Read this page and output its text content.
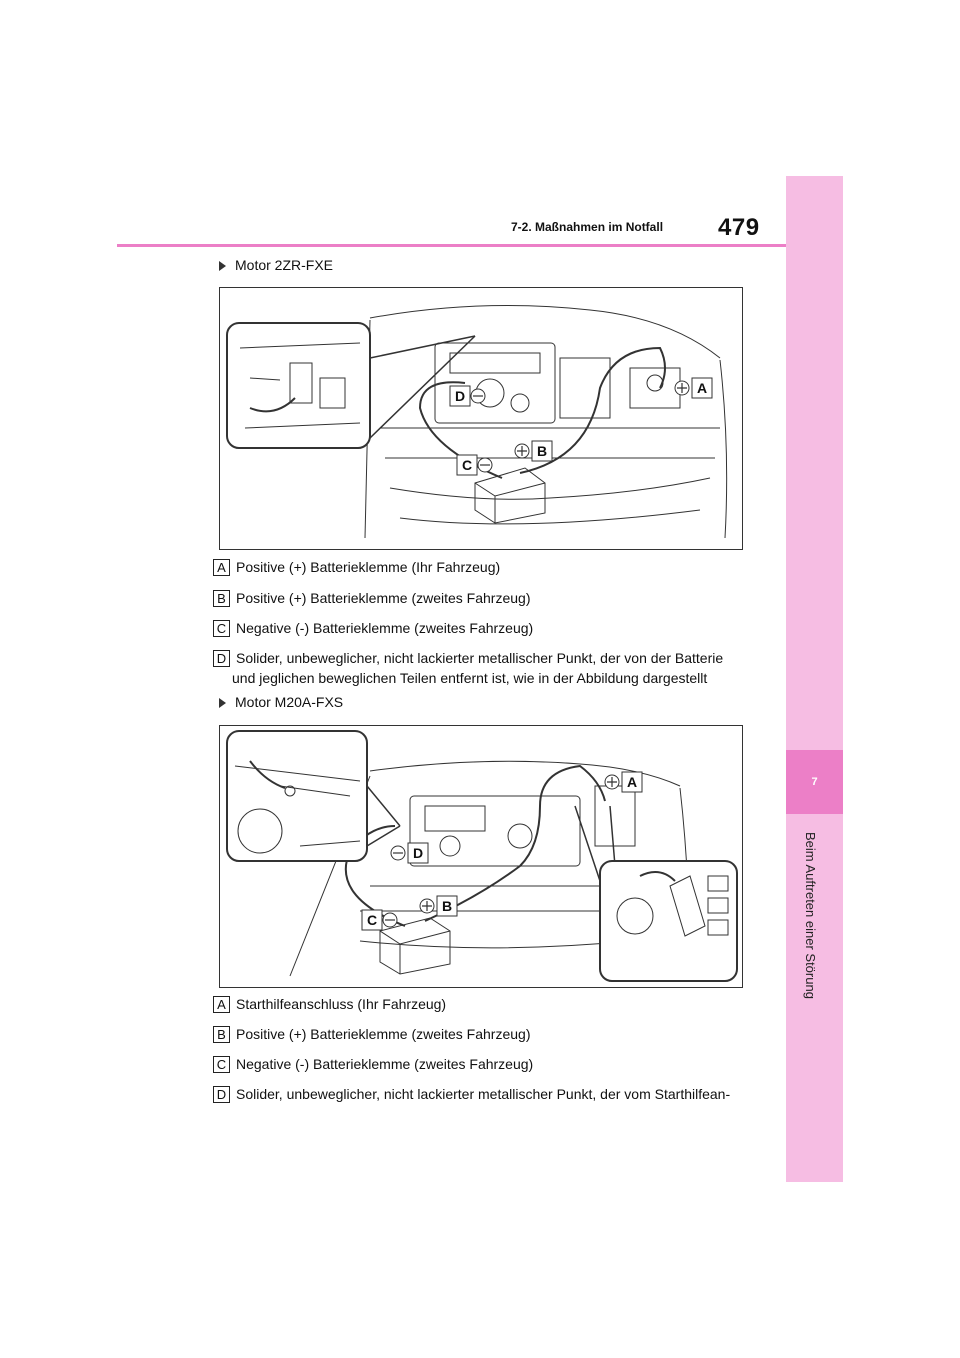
7
Beim Auftreten einer Störung
7-2. Maßnahmen im Notfall 479
Motor 2ZR-FXE
A
D
B
C
A Positive (+) Batterieklemme (Ihr Fahrzeug)
B Positive (+) Batterieklemme (zweites Fahrzeug)
C Negative (-) Batterieklemme (zweites Fahrzeug)
D Solider, unbeweglicher, nicht lackierter metallischer Punkt, der von der Batterie
und jeglichen beweglichen Teilen entfernt ist, wie in der Abbildung dargestellt
Motor M20A-FXS
A
D
B
C
A Starthilfeanschluss (Ihr Fahrzeug)
B Positive (+) Batterieklemme (zweites Fahrzeug)
C Negative (-) Batterieklemme (zweites Fahrzeug)
D Solider, unbeweglicher, nicht lackierter metallischer Punkt, der vom Starthilfean-
